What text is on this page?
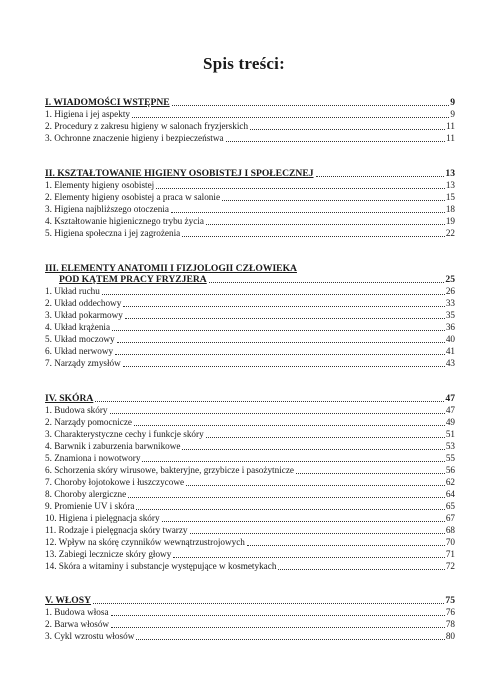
Spis treści:
I. WIADOMOŚCI WSTĘPNE	9
1. Higiena i jej aspekty	9
2. Procedury z zakresu higieny w salonach fryzjerskich	11
3. Ochronne znaczenie higieny i bezpieczeństwa	11
II. KSZTAŁTOWANIE HIGIENY OSOBISTEJ I SPOŁECZNEJ	13
1. Elementy higieny osobistej	13
2. Elementy higieny osobistej a praca w salonie	15
3. Higiena najbliższego otoczenia	18
4. Kształtowanie higienicznego trybu życia	19
5. Higiena społeczna i jej zagrożenia	22
III. ELEMENTY ANATOMII I FIZJOLOGII CZŁOWIEKA
POD KĄTEM PRACY FRYZJERA	25
1. Układ ruchu	26
2. Układ oddechowy	33
3. Układ pokarmowy	35
4. Układ krążenia	36
5. Układ moczowy	40
6. Układ nerwowy	41
7. Narządy zmysłów	43
IV. SKÓRA	47
1. Budowa skóry	47
2. Narządy pomocnicze	49
3. Charakterystyczne cechy i funkcje skóry	51
4. Barwnik i zaburzenia barwnikowe	53
5. Znamiona i nowotwory	55
6. Schorzenia skóry wirusowe, bakteryjne, grzybicze i pasożytnicze	56
7. Choroby łojotokowe i łuszczycowe	62
8. Choroby alergiczne	64
9. Promienie UV i skóra	65
10. Higiena i pielęgnacja skóry	67
11. Rodzaje i pielęgnacja skóry twarzy	68
12. Wpływ na skórę czynników wewnątrzustrojowych	70
13. Zabiegi lecznicze skóry głowy	71
14. Skóra a witaminy i substancje występujące w kosmetykach	72
V. WŁOSY	75
1. Budowa włosa	76
2. Barwa włosów	78
3. Cykl wzrostu włosów	80
